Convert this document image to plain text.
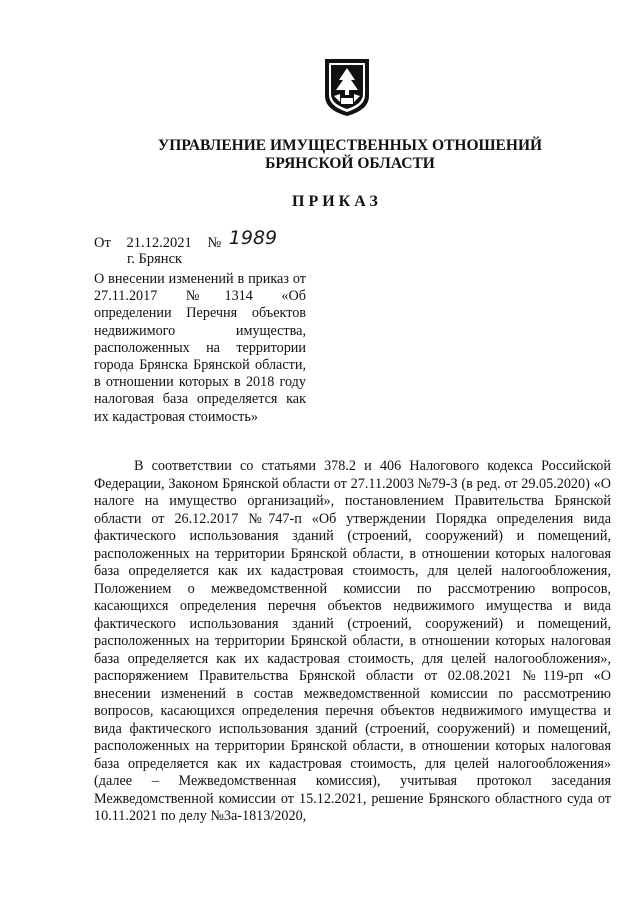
УПРАВЛЕНИЕ ИМУЩЕСТВЕННЫХ ОТНОШЕНИЙ
БРЯНСКОЙ ОБЛАСТИ
ПРИКАЗ
От 21.12.2021 № 1989
г. Брянск
О внесении изменений в приказ от 27.11.2017 №1314 «Об определении Перечня объектов недвижимого имущества, расположенных на территории города Брянска Брянской области, в отношении которых в 2018 году налоговая база определяется как их кадастровая стоимость»
В соответствии со статьями 378.2 и 406 Налогового кодекса Российской Федерации, Законом Брянской области от 27.11.2003 №79-З (в ред. от 29.05.2020) «О налоге на имущество организаций», постановлением Правительства Брянской области от 26.12.2017 №747-п «Об утверждении Порядка определения вида фактического использования зданий (строений, сооружений) и помещений, расположенных на территории Брянской области, в отношении которых налоговая база определяется как их кадастровая стоимость, для целей налогообложения, Положением о межведомственной комиссии по рассмотрению вопросов, касающихся определения перечня объектов недвижимого имущества и вида фактического использования зданий (строений, сооружений) и помещений, расположенных на территории Брянской области, в отношении которых налоговая база определяется как их кадастровая стоимость, для целей налогообложения», распоряжением Правительства Брянской области от 02.08.2021 №119-рп «О внесении изменений в состав межведомственной комиссии по рассмотрению вопросов, касающихся определения перечня объектов недвижимого имущества и вида фактического использования зданий (строений, сооружений) и помещений, расположенных на территории Брянской области, в отношении которых налоговая база определяется как их кадастровая стоимость, для целей налогообложения» (далее – Межведомственная комиссия), учитывая протокол заседания Межведомственной комиссии от 15.12.2021, решение Брянского областного суда от 10.11.2021 по делу №3а-1813/2020,
